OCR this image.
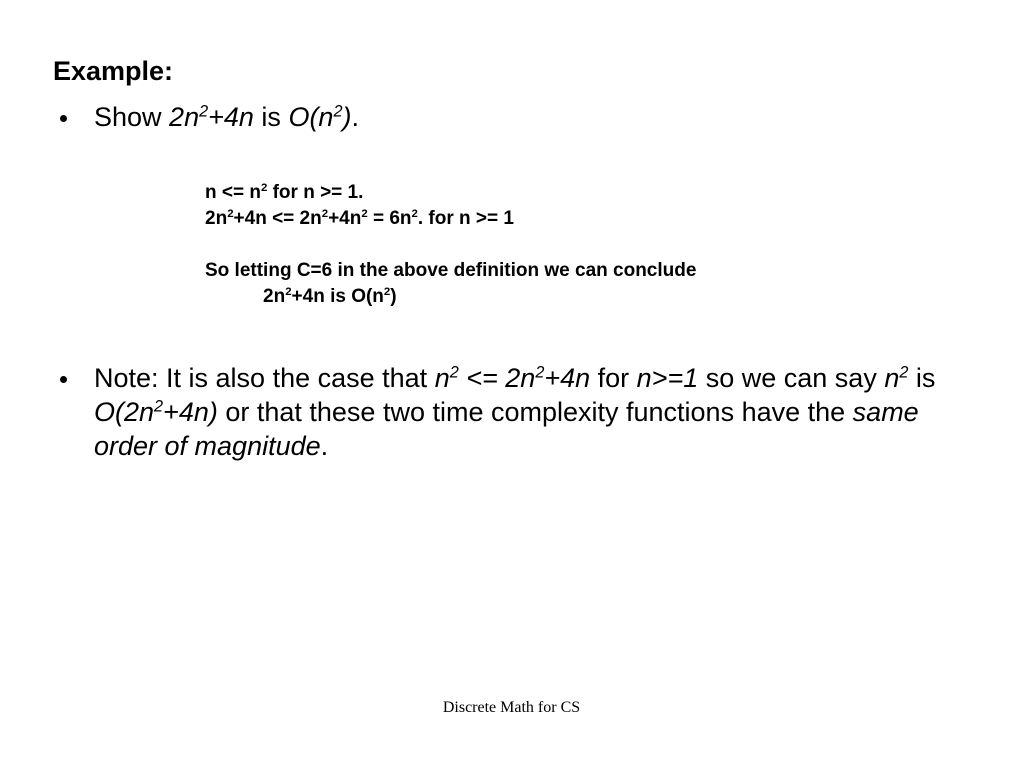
Example:
Show $2n^2+4n$ is $O(n^2)$.
$n <= n^2$ for n >= 1.
$2n^2+4n <= 2n^2+4n^2 = 6n^2$. for n >= 1
So letting C=6 in the above definition we can conclude
$2n^2+4n$ is $O(n^2)$
Note: It is also the case that $n^2 <= 2n^2+4n$ for n>=1 so we can say $n^2$ is $O(2n^2+4n)$ or that these two time complexity functions have the same order of magnitude.
Discrete Math for CS
